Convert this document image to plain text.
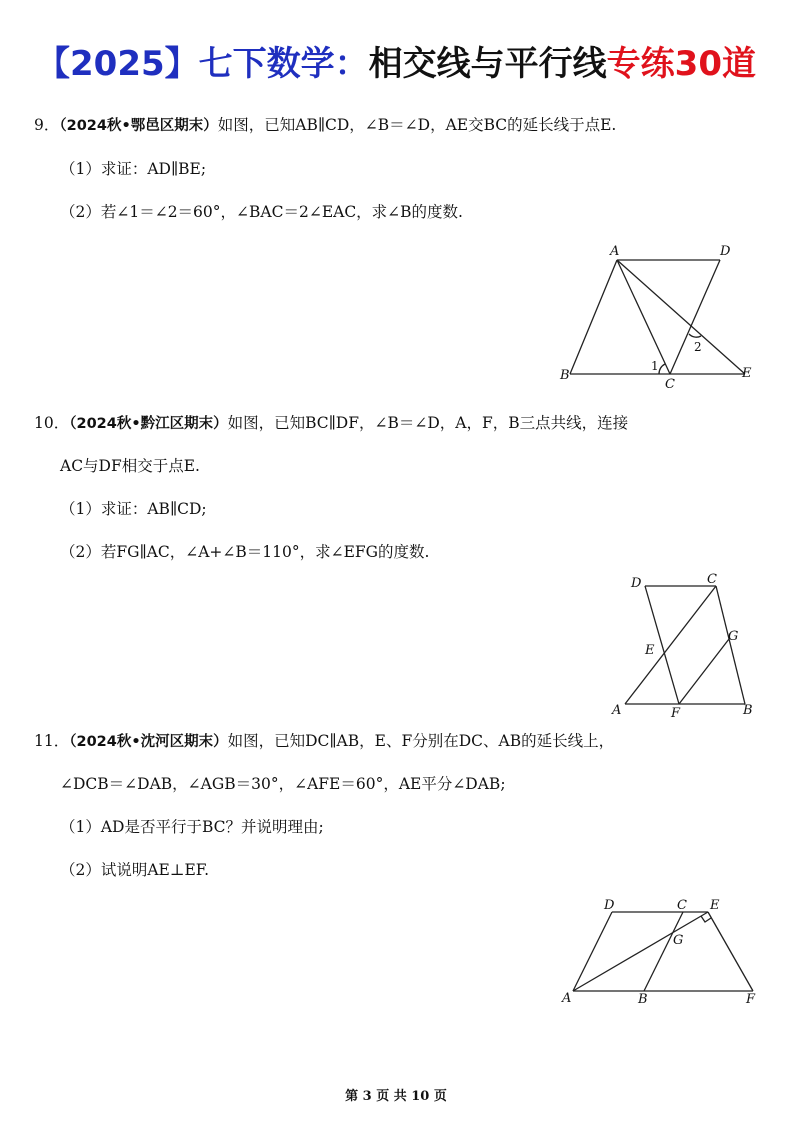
【2025】七下数学：相交线与平行线专练30道
9．（2024秋•鄂邑区期末）如图，已知AB∥CD，∠B＝∠D，AE交BC的延长线于点E.
（1）求证：AD∥BE;
（2）若∠1＝∠2＝60°，∠BAC＝2∠EAC，求∠B的度数.
A	D
B
C
E
1
2
10．（2024秋•黔江区期末）如图，已知BC∥DF，∠B＝∠D，A，F，B三点共线，连接
AC与DF相交于点E.
（1）求证：AB∥CD;
（2）若FG∥AC，∠A+∠B＝110°，求∠EFG的度数.
D	C
G
E
A	F	B
11．（2024秋•沈河区期末）如图，已知DC∥AB，E、F分别在DC、AB的延长线上，
∠DCB＝∠DAB，∠AGB＝30°，∠AFE＝60°，AE平分∠DAB;
（1）AD是否平行于BC？并说明理由;
（2）试说明AE⊥EF.
D	C E
G
A	B	F
第 3 页 共 10 页
